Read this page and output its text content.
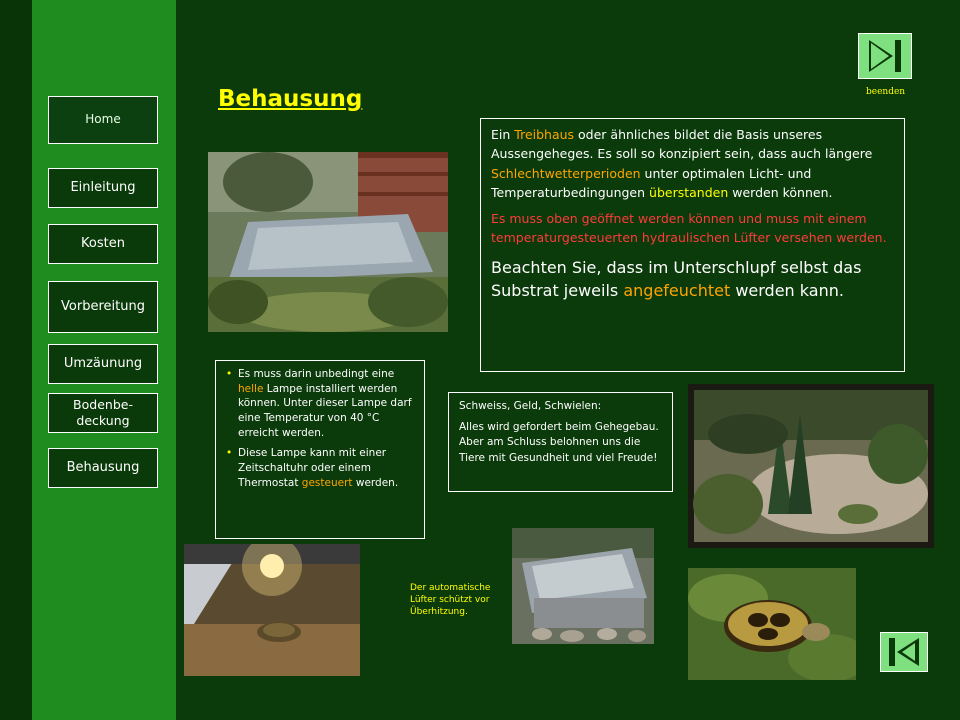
Home
Einleitung
Kosten
Vorbereitung
Umzäunung
Bodenbe-
deckung
Behausung
Behausung	beenden

Ein Treibhaus oder ähnliches bildet die Basis unseres Aussengeheges. Es soll so konzipiert sein, dass auch längere Schlechtwetterperioden unter optimalen Licht- und Temperaturbedingungen überstanden werden können.

Es muss oben geöffnet werden können und muss mit einem temperaturgesteuerten hydraulischen Lüfter versehen werden.

Beachten Sie, dass im Unterschlupf selbst das Substrat jeweils angefeuchtet werden kann.

• Es muss darin unbedingt eine helle Lampe installiert werden können. Unter dieser Lampe darf eine Temperatur von 40 °C erreicht werden.
• Diese Lampe kann mit einer Zeitschaltuhr oder einem Thermostat gesteuert werden.

Schweiss, Geld, Schwielen:

Alles wird gefordert beim Gehegebau. Aber am Schluss belohnen uns die Tiere mit Gesundheit und viel Freude!

Der automatische Lüfter schützt vor Überhitzung.
